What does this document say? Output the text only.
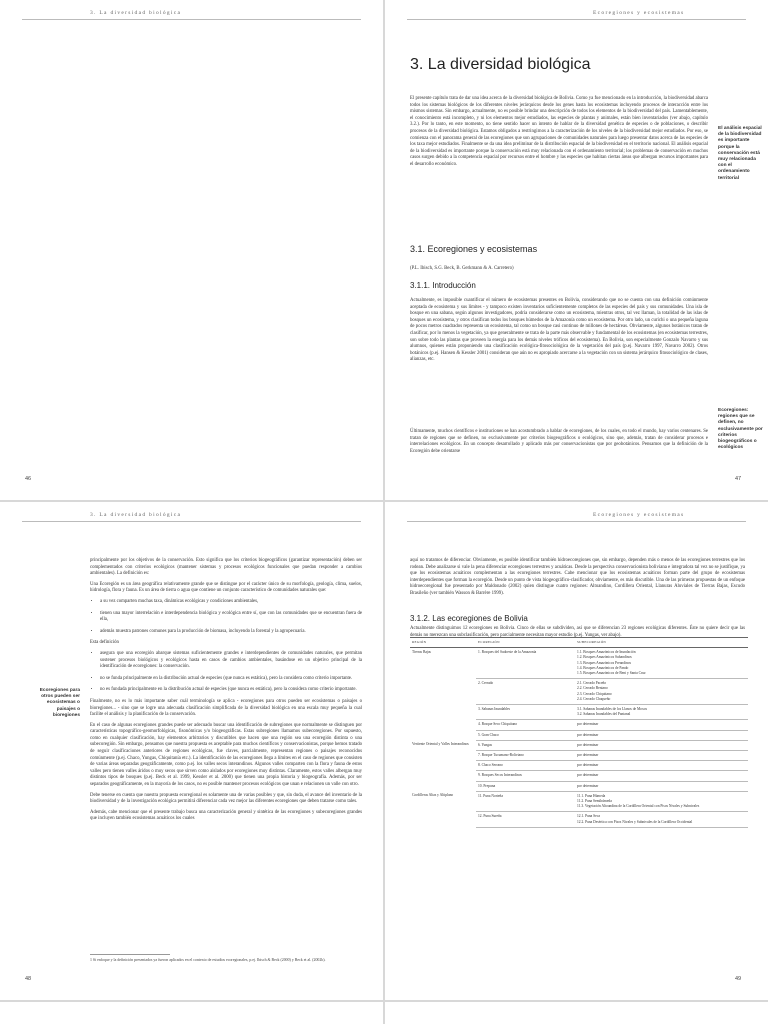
3. La diversidad biológica
46
Ecoregiones y ecosistemas
3. La diversidad biológica
El presente capítulo trata de dar una idea acerca de la diversidad biológica de Bolivia. Como ya fue mencionado en la introducción, la biodiversidad abarca todos los sistemas biológicos de los diferentes niveles jerárquicos desde los genes hasta los ecosistemas incluyendo procesos de interacción entre los mismos sistemas. Sin embargo, actualmente, no es posible brindar una descripción de todos los elementos de la biodiversidad del país. Lamentablemente, el conocimiento está incompleto, y ni los elementos mejor estudiados, las especies de plantas y animales, están bien inventariados (ver abajo, capítulo 3.2.). Por lo tanto, en este momento, no tiene sentido hacer un intento de hablar de la diversidad genética de especies o de poblaciones, o describir procesos de la diversidad biológica. Estamos obligados a restringirnos a la caracterización de los niveles de la biodiversidad mejor estudiados. Por eso, se comienza con el panorama general de las ecoregiones que son agrupaciones de comunidades naturales para luego presentar datos acerca de las especies de los taxa mejor estudiados. Finalmente se da una idea preliminar de la distribución espacial de la biodiversidad en el territorio nacional. El análisis espacial de la biodiversidad es importante porque la conservación está muy relacionada con el ordenamiento territorial; los problemas de conservación en muchos casos surgen debido a la competencia espacial por recursos entre el hombre y las especies que habitan ciertas áreas que albergan recursos importantes para el desarrollo económico.
El análisis espacial de la biodiversidad es importante porque la conservación está muy relacionada con el ordenamiento territorial
3.1. Ecoregiones y ecosistemas
(P.L. Ibisch, S.G. Beck, B. Gerkmann & A. Carretero)
3.1.1. Introducción
Actualmente, es imposible cuantificar el número de ecosistemas presentes en Bolivia, considerando que no se cuenta con una definición comúnmente aceptada de ecosistema y sus límites - y tampoco existen inventarios suficientemente completos de las especies del país y sus comunidades. Una isla de bosque en una sabana, según algunos investigadores, podría considerarse como un ecosistema, mientras otros, tal vez llaman, la totalidad de las islas de bosques un ecosistema, y otros clasifican todos los bosques húmedos de la Amazonía como un ecosistema. Por otro lado, un curichi o una pequeña laguna de pocos metros cuadrados representa un ecosistema, tal como un bosque casi continuo de millones de hectáreas. Obviamente, algunos botánicos tratan de clasificar, por lo menos la vegetación, ya que generalmente se trata de la parte más observable y fundamental de los ecosistemas (en ecosistemas terrestres, son sobre todo las plantas que proveen la energía para los demás niveles tróficos del ecosistema). En Bolivia, son especialmente Gonzalo Navarro y sus alumnos, quienes están proponiendo una clasificación ecológica-fitosociológica de la vegetación del país (p.ej. Navarro 1997, Navarro 2002). Otros botánicos (p.ej. Hansen & Kessler 2001) consideran que aún no es apropiado acercarse a la vegetación con un sistema jerárquico fitosociológico de clases, alianzas, etc.
Últimamente, muchos científicos e instituciones se han acostumbrado a hablar de ecoregiones, de los cuales, en todo el mundo, hay varios centenares. Se tratan de regiones que se definen, no exclusivamente por criterios biogeográficos o ecológicos, sino que, además, tratan de considerar procesos e interrelaciones ecológicos. En un concepto desarrollado y aplicado más por conservacionistas que por geobotánicos. Pensamos que la definición de la Ecoregión debe orientarse
Ecoregiones: regiones que se definen, no exclusivamente por criterios biogeográficos o ecológicos
47
3. La diversidad biológica

principalmente por los objetivos de la conservación. Esto significa que los criterios biogeográficos (garantizar representación) deben ser complementados con criterios ecológicos (mantener sistemas y procesos ecológicos funcionales que puedan responder a cambios ambientales). La definición es:

Una Ecoregión es un área geográfica relativamente grande que se distingue por el carácter único de su morfología, geología, clima, suelos, hidrología, flora y fauna. Es un área de tierra o agua que contiene un conjunto característico de comunidades naturales que:

• a su vez comparten muchas taxa, dinámicas ecológicas y condiciones ambientales,
• tienen una mayor interrelación e interdependencia biológica y ecológica entre sí, que con las comunidades que se encuentran fuera de ella,
• además muestra patrones comunes para la producción de biomasa, incluyendo la forestal y la agropecuaria.

Esta definición

• asegura que una ecoregión abarque sistemas suficientemente grandes e interdependientes de comunidades naturales, que permitan sostener procesos biológicos y ecológicos hasta en casos de cambios ambientales, basándose en un objetivo principal de la identificación de ecoregiones: la conservación.
• no se funda principalmente en la distribución actual de especies (que nunca es estática), pero la considera como criterio importante.
• no es fundada principalmente en la distribución actual de especies (que nunca es estática), pero la considera como criterio importante.

Finalmente, no es lo más importante saber cuál terminología se aplica - ecoregiones para otros pueden ser ecosistemas o paisajes o bioregiones... - sino que se logre una adecuada clasificación simplificada de la diversidad biológica en una escala muy pequeña la cual facilite el análisis y la planificación de la conservación.

En el caso de algunas ecoregiones grandes puede ser adecuado buscar una identificación de subregiones que normalmente se distinguen por características topográfico-geomorfológicas, fisonómicas y/o biogeográficas. Estas subregiones llamamos subecoregiones. Por supuesto, como en cualquier clasificación, hay elementos arbitrarios y discutibles que hacen que una región sea una ecoregión distinta o una subecoregión. Sin embargo, pensamos que nuestra propuesta es aceptable para muchos científicos y conservacionistas, porque hemos tratado de seguir clasificaciones anteriores de regiones ecológicas, fue claves, parcialmente, representan regiones o paisajes reconocidos comúnmente (p.ej. Chaco, Yungas, Chiquitanía etc.). La identificación de las ecoregiones llega a límites en el caso de regiones que consisten de varias áreas separadas geográficamente, como p.ej. los valles secos interandinos. Algunos valles comparten con la flora y fauna de estos valles pero tienen valles áridos o muy secos que sirven como aislados por ecoregiones muy distintas. Claramente, estos valles albergan muy distintos tipos de bosques (p.ej. Beck et al. 1999, Kessler et al. 2000) que tienen una propia historia y biogeografía. Además, por ser separados geográficamente, en la mayoría de los casos, no es posible mantener procesos ecológicos que unan e relacionen un valle con otro.

Debe tenerse en cuenta que nuestra propuesta ecoregional es solamente una de varias posibles y que, sin duda, el avance del inventario de la biodiversidad y de la investigación ecológica permitirá diferenciar cada vez mejor las diferentes ecoregiones que deben tratarse como tales.

Además, cabe mencionar que el presente trabajo busca una caracterización general y sintética de las ecoregiones y subecoregiones grandes que incluyen también ecosistemas acuáticos los cuales

Ecoregiones para otros pueden ser ecosistemas o paisajes o bioregiones
1 Si enfoque y la definición presentados ya fueron aplicados en el contexto de estudios ecoregionales, p.ej. Ibisch & Beck (2000) y Beck et al. (2002b).
48
Ecoregiones y ecosistemas
aquí no tratamos de diferenciar. Obviamente, es posible identificar también hidroecoregiones que, sin embargo, dependen más o menos de las ecoregiones terrestres que los rodean. Debe analizarse si vale la pena diferenciar ecoregiones terrestres y acuáticas. Desde la perspectiva conservacionista boliviana e integradora tal vez no se justifique, ya que los ecosistemas acuáticos complementan a las ecoregiones terrestres. Cabe mencionar que los ecosistemas acuáticos forman parte del grupo de ecosistemas interdependientes que forman la ecoregión. Desde un punto de vista biogeográfico-clasificador, obviamente, es más discutible. Una de las primeras propuestas de un enfoque hidroecoregional fue presentado por Maldonado (2002) quien distingue cuatro regiones: Altoandino, Cordillera Oriental, Llanuras Aluviales de Tierras Bajas, Escudo Brasileño (ver también Wasson & Barrère 1999).
3.1.2. Las ecoregiones de Bolivia
Actualmente distinguimos 12 ecoregiones en Bolivia. Cinco de ellas se subdividen, así que se diferencian 23 regiones ecológicas diferentes. Éste no quiere decir que las demás no merezcan una subclasificación, pero parcialmente necesitan mayor estudio (p.ej. Yungas, ver abajo).
REGIÓN	ECOREGIÓN	SUBECOREGIÓN
Tierras Bajas	1. Bosques del Sudoeste de la Amazonía	1.1. Bosques Amazónicos de Inundación
1.2. Bosques Amazónicos Subandinos
1.3. Bosques Amazónicos Preandinos
1.4. Bosques Amazónicos de Pando
1.5. Bosques Amazónicos de Beni y Santa Cruz
	2. Cerrado	2.1. Cerrado Paceño
2.2. Cerrado Beniano
2.3. Cerrado Chiquitano
2.4. Cerrado Chaqueño
	3. Sabanas Inundables	3.1. Sabanas Inundables de los Llanos de Moxos
3.2. Sabanas Inundables del Pantanal
	4. Bosque Seco Chiquitano	por determinar
	5. Gran Chaco	por determinar
Vertiente Oriental y Valles Interandinos	6. Yungas	por determinar
	7. Bosque Tucumano-Boliviano	por determinar
	8. Chaco Serrano	por determinar
	9. Bosques Secos Interandinos	por determinar
	10. Prepuna	por determinar
Cordilleras Altas y Altiplano	11. Puna Norteña	11.1. Puna Húmeda
11.2. Puna Semihúmeda
11.3. Vegetación Altoandina de la Cordillera Oriental con Pisos Nivales y Subnivales
	12. Puna Sureña	12.1. Puna Seca
12.2. Puna Desértica con Pisos Nivales y Subnivales de la Cordillera Occidental
49
